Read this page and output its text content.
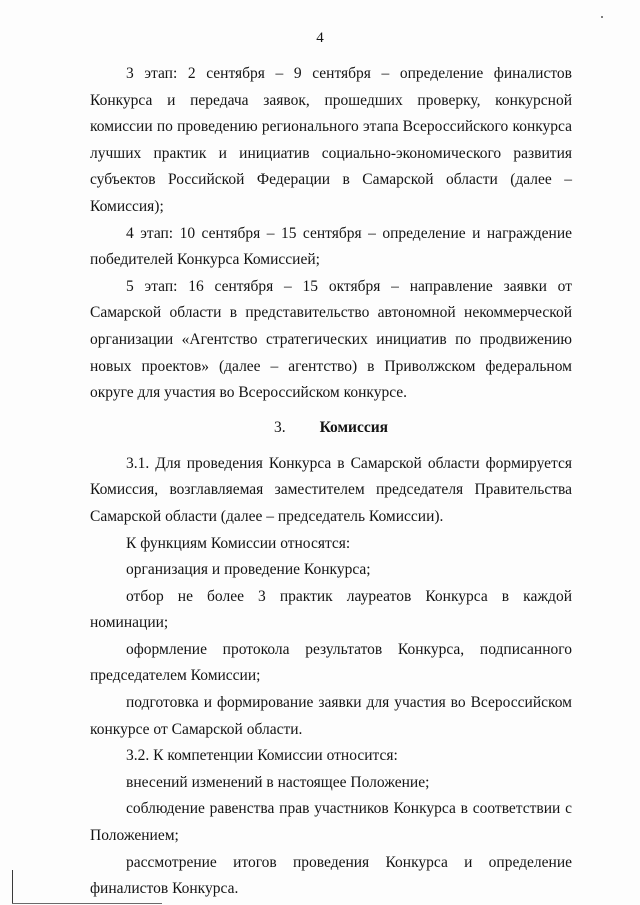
4

3 этап: 2 сентября – 9 сентября – определение финалистов Конкурса и передача заявок, прошедших проверку, конкурсной комиссии по проведению регионального этапа Всероссийского конкурса лучших практик и инициатив социально-экономического развития субъектов Российской Федерации в Самарской области (далее – Комиссия);

4 этап: 10 сентября – 15 сентября – определение и награждение победителей Конкурса Комиссией;

5 этап: 16 сентября – 15 октября – направление заявки от Самарской области в представительство автономной некоммерческой организации «Агентство стратегических инициатив по продвижению новых проектов» (далее – агентство) в Приволжском федеральном округе для участия во Всероссийском конкурсе.

3. Комиссия

3.1. Для проведения Конкурса в Самарской области формируется Комиссия, возглавляемая заместителем председателя Правительства Самарской области (далее – председатель Комиссии).

К функциям Комиссии относятся:

организация и проведение Конкурса;

отбор не более 3 практик лауреатов Конкурса в каждой номинации;

оформление протокола результатов Конкурса, подписанного председателем Комиссии;

подготовка и формирование заявки для участия во Всероссийском конкурсе от Самарской области.

3.2. К компетенции Комиссии относится:

внесений изменений в настоящее Положение;

соблюдение равенства прав участников Конкурса в соответствии с Положением;

рассмотрение итогов проведения Конкурса и определение финалистов Конкурса.
